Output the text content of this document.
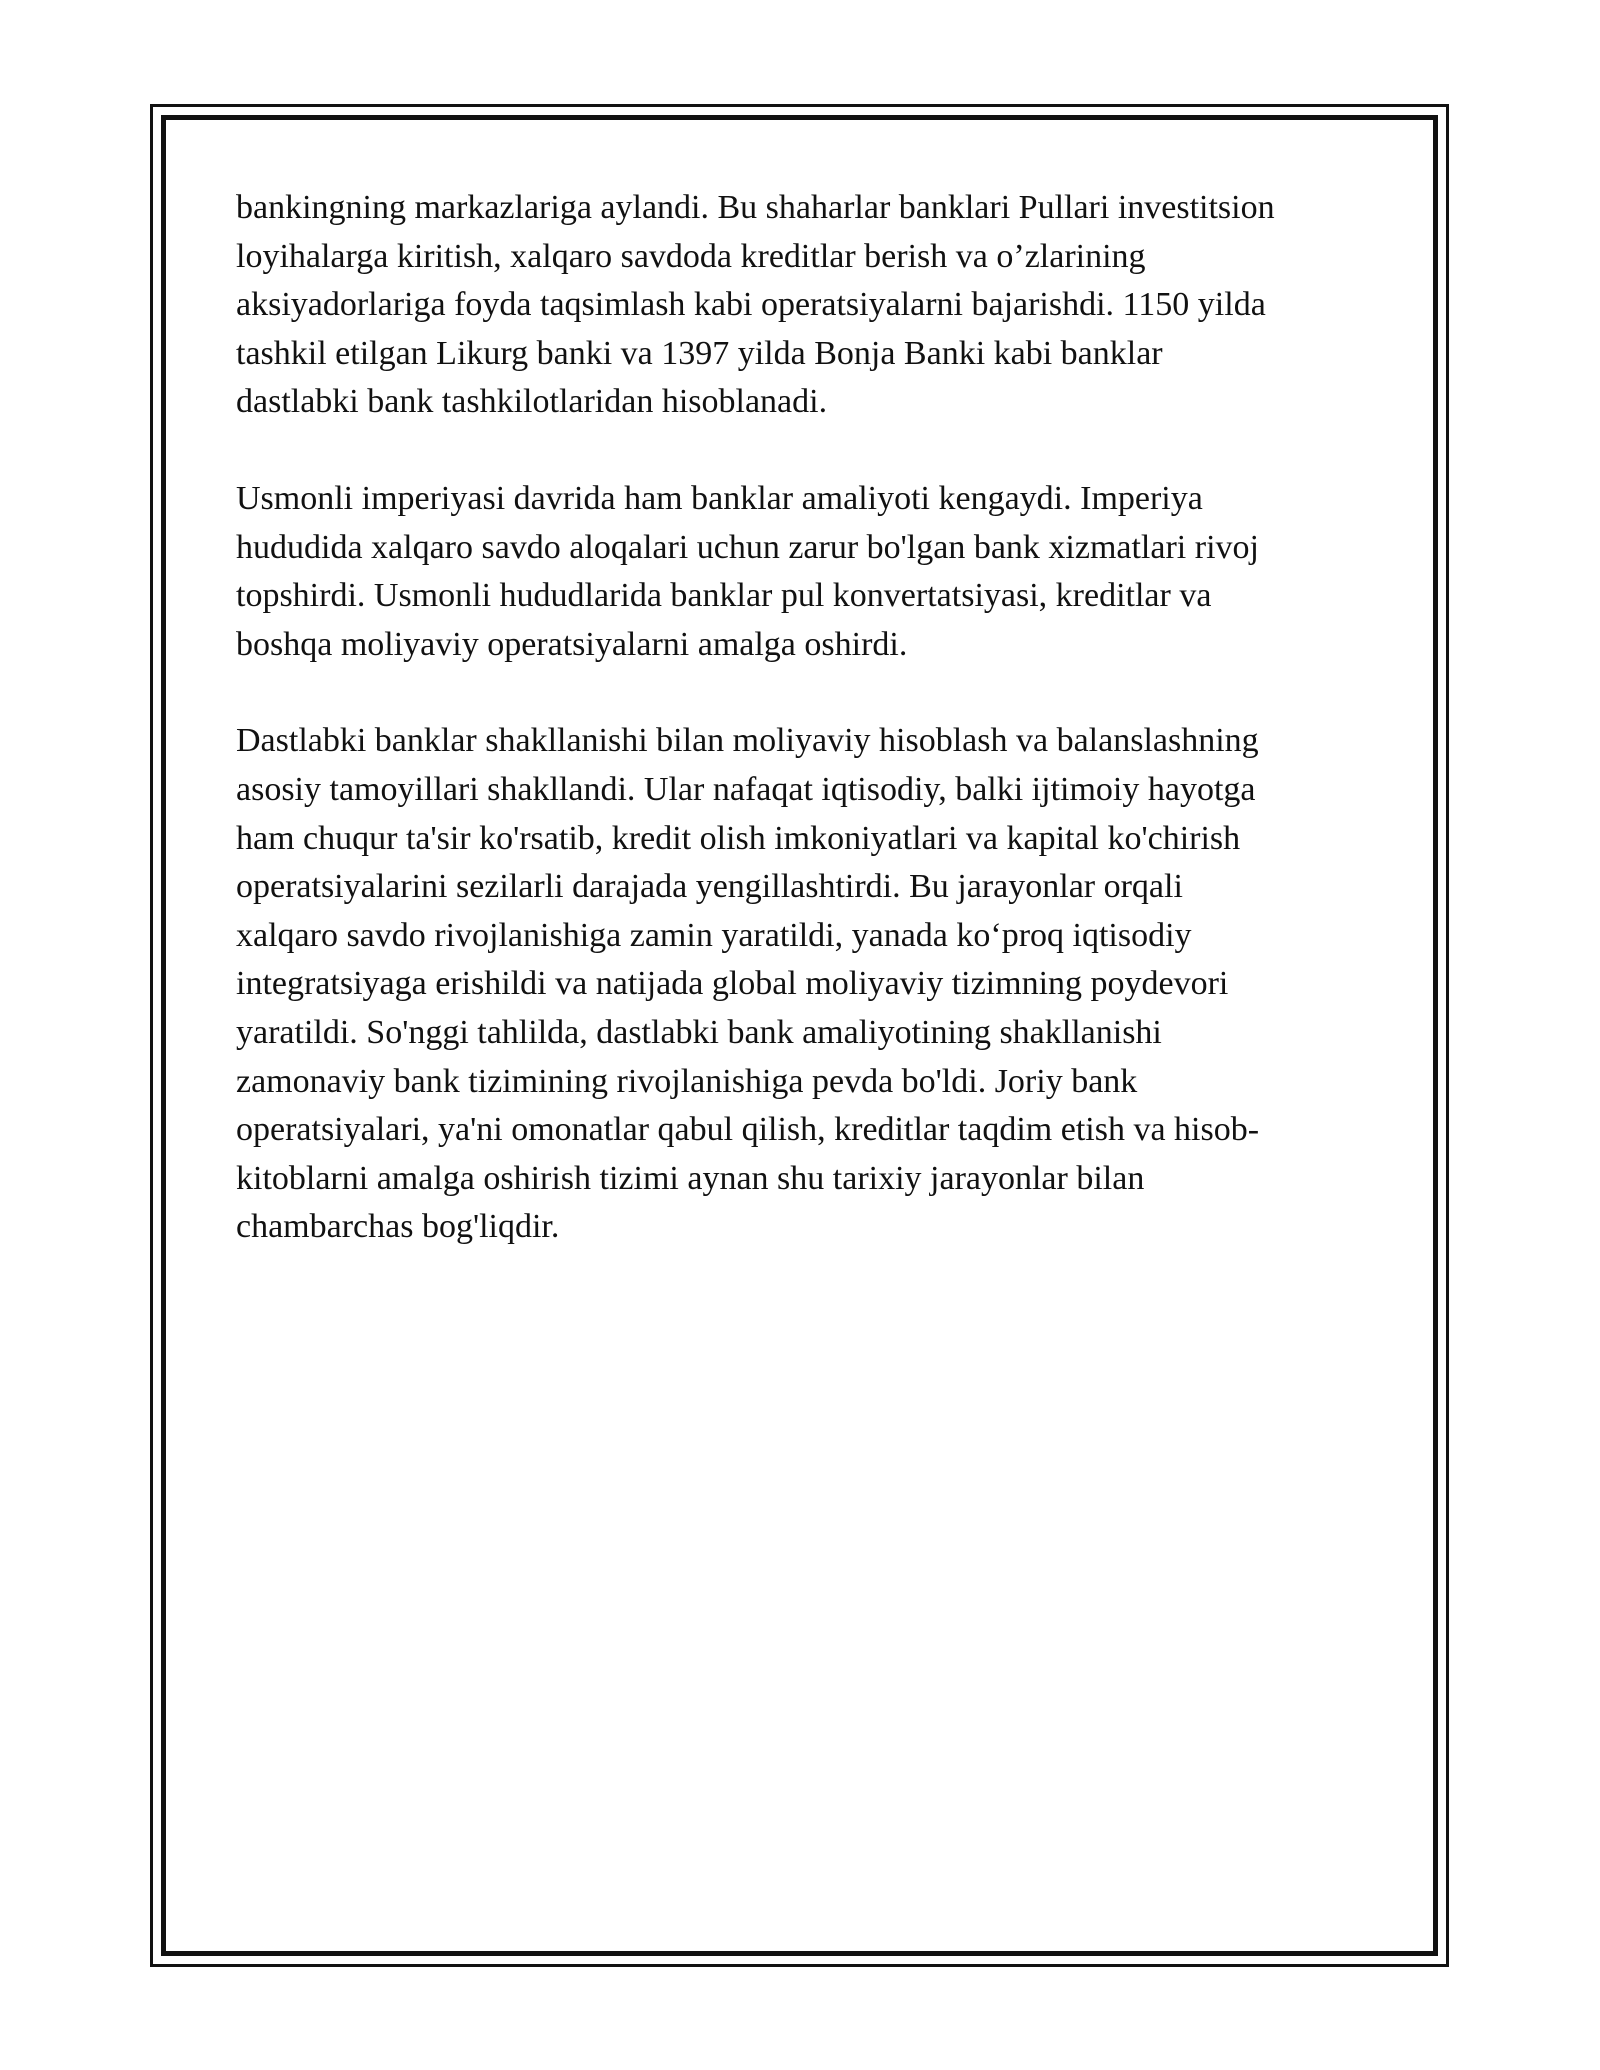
bankingning markazlariga aylandi. Bu shaharlar banklari Pullari investitsion
loyihalarga kiritish, xalqaro savdoda kreditlar berish va o’zlarining
aksiyadorlariga foyda taqsimlash kabi operatsiyalarni bajarishdi. 1150 yilda
tashkil etilgan Likurg banki va 1397 yilda Bonja Banki kabi banklar
dastlabki bank tashkilotlaridan hisoblanadi.

Usmonli imperiyasi davrida ham banklar amaliyoti kengaydi. Imperiya
hududida xalqaro savdo aloqalari uchun zarur bo'lgan bank xizmatlari rivoj
topshirdi. Usmonli hududlarida banklar pul konvertatsiyasi, kreditlar va
boshqa moliyaviy operatsiyalarni amalga oshirdi.

Dastlabki banklar shakllanishi bilan moliyaviy hisoblash va balanslashning
asosiy tamoyillari shakllandi. Ular nafaqat iqtisodiy, balki ijtimoiy hayotga
ham chuqur ta'sir ko'rsatib, kredit olish imkoniyatlari va kapital ko'chirish
operatsiyalarini sezilarli darajada yengillashtirdi. Bu jarayonlar orqali
xalqaro savdo rivojlanishiga zamin yaratildi, yanada ko‘proq iqtisodiy
integratsiyaga erishildi va natijada global moliyaviy tizimning poydevori
yaratildi. So'nggi tahlilda, dastlabki bank amaliyotining shakllanishi
zamonaviy bank tizimining rivojlanishiga pevda bo'ldi. Joriy bank
operatsiyalari, ya'ni omonatlar qabul qilish, kreditlar taqdim etish va hisob-
kitoblarni amalga oshirish tizimi aynan shu tarixiy jarayonlar bilan
chambarchas bog'liqdir.
